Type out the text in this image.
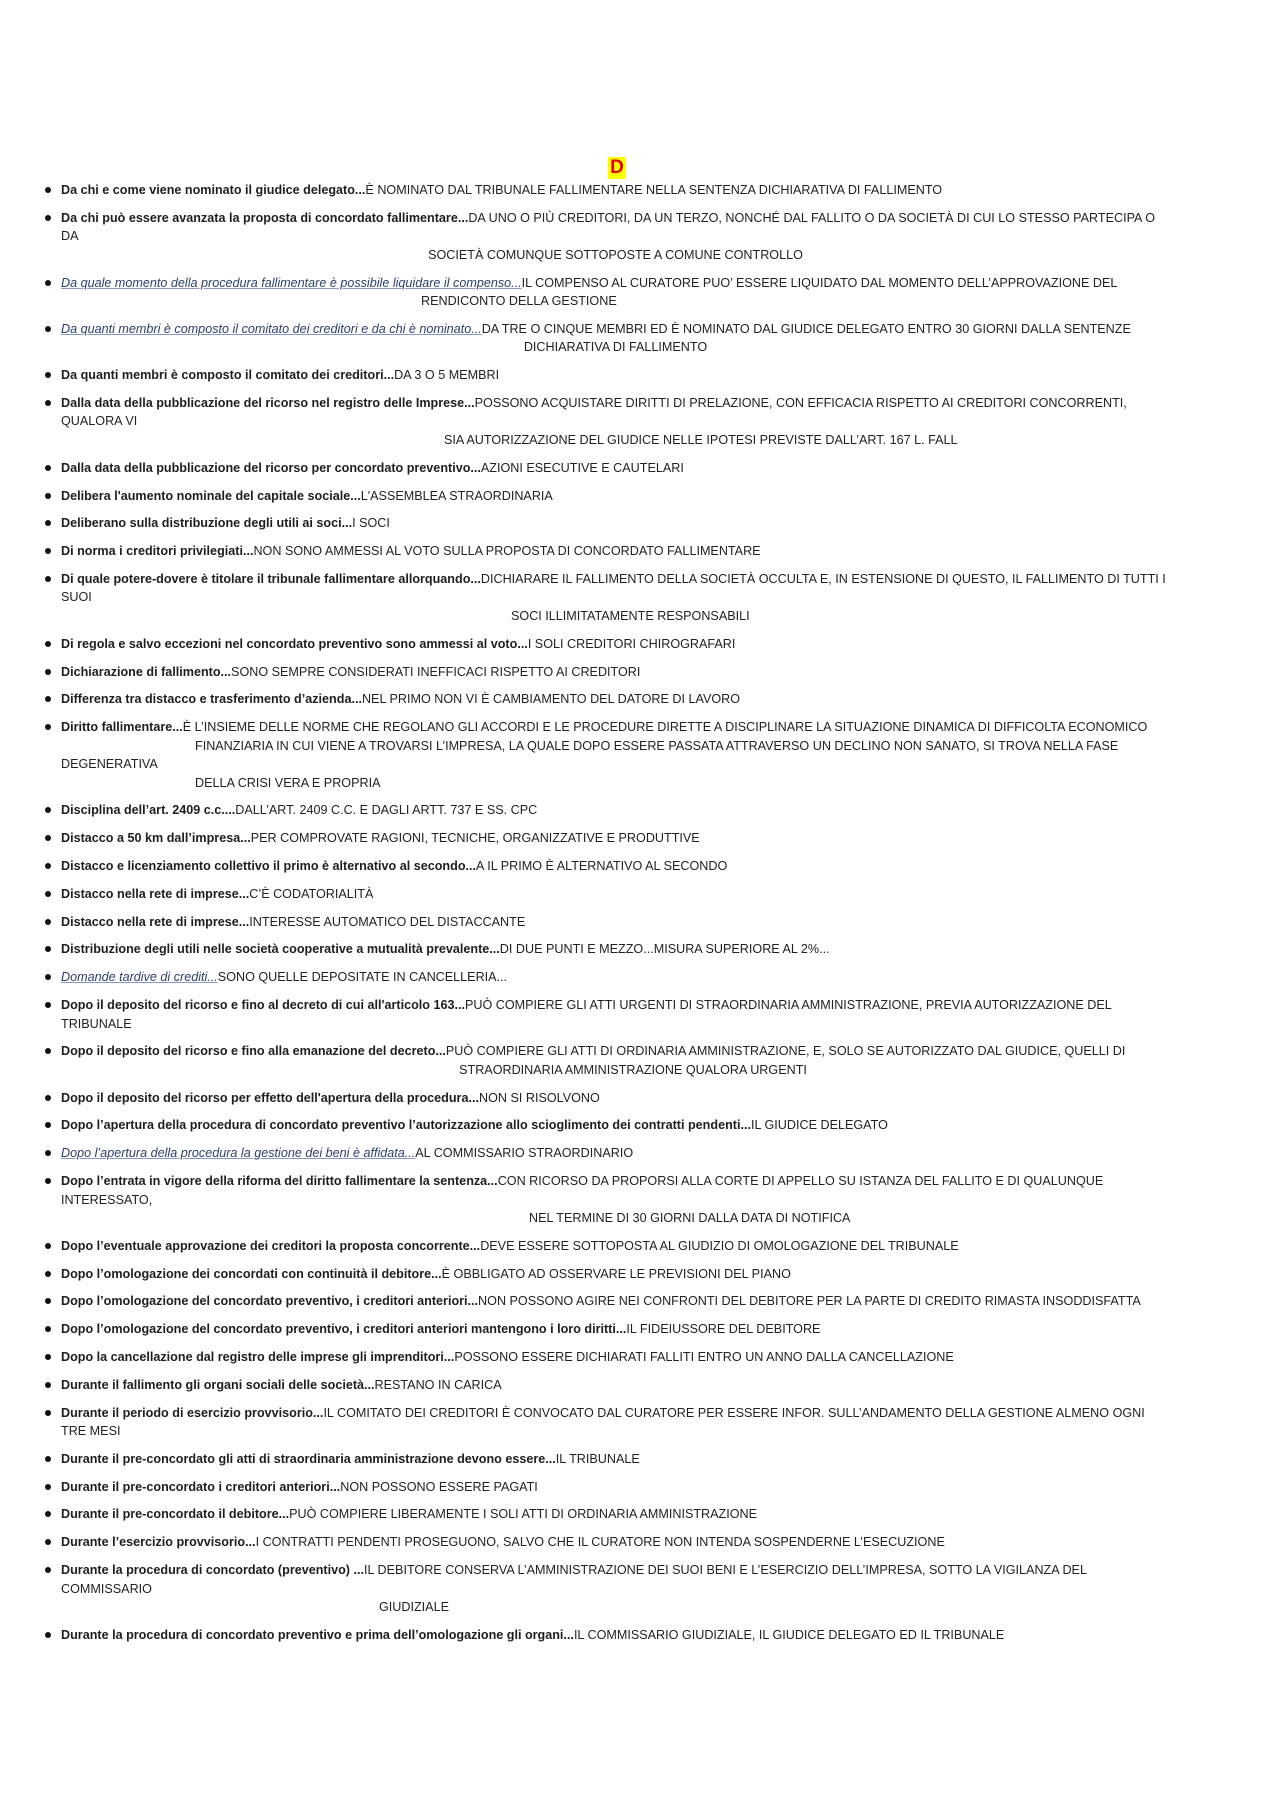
D
Da chi e come viene nominato il giudice delegato...È NOMINATO DAL TRIBUNALE FALLIMENTARE NELLA SENTENZA DICHIARATIVA DI FALLIMENTO
Da chi può essere avanzata la proposta di concordato fallimentare...DA UNO O PIÙ CREDITORI, DA UN TERZO, NONCHÉ DAL FALLITO O DA SOCIETÀ DI CUI LO STESSO PARTECIPA O DA
SOCIETÀ COMUNQUE SOTTOPOSTE A COMUNE CONTROLLO
Da quale momento della procedura fallimentare è possibile liquidare il compenso...IL COMPENSO AL CURATORE PUO’ ESSERE LIQUIDATO DAL MOMENTO DELL’APPROVAZIONE DEL
RENDICONTO DELLA GESTIONE
Da quanti membri è composto il comitato dei creditori e da chi è nominato...DA TRE O CINQUE MEMBRI ED È NOMINATO DAL GIUDICE DELEGATO ENTRO 30 GIORNI DALLA SENTENZE
DICHIARATIVA DI FALLIMENTO
Da quanti membri è composto il comitato dei creditori...DA 3 O 5 MEMBRI
Dalla data della pubblicazione del ricorso nel registro delle Imprese...POSSONO ACQUISTARE DIRITTI DI PRELAZIONE, CON EFFICACIA RISPETTO AI CREDITORI CONCORRENTI, QUALORA VI
SIA AUTORIZZAZIONE DEL GIUDICE NELLE IPOTESI PREVISTE DALL’ART. 167 L. FALL
Dalla data della pubblicazione del ricorso per concordato preventivo...AZIONI ESECUTIVE E CAUTELARI
Delibera l'aumento nominale del capitale sociale...L'ASSEMBLEA STRAORDINARIA
Deliberano sulla distribuzione degli utili ai soci...I SOCI
Di norma i creditori privilegiati...NON SONO AMMESSI AL VOTO SULLA PROPOSTA DI CONCORDATO FALLIMENTARE
Di quale potere-dovere è titolare il tribunale fallimentare allorquando...DICHIARARE IL FALLIMENTO DELLA SOCIETÀ OCCULTA E, IN ESTENSIONE DI QUESTO, IL FALLIMENTO DI TUTTI I SUOI
SOCI ILLIMITATAMENTE RESPONSABILI
Di regola e salvo eccezioni nel concordato preventivo sono ammessi al voto...I SOLI CREDITORI CHIROGRAFARI
Dichiarazione di fallimento...SONO SEMPRE CONSIDERATI INEFFICACI RISPETTO AI CREDITORI
Differenza tra distacco e trasferimento d’azienda...NEL PRIMO NON VI È CAMBIAMENTO DEL DATORE DI LAVORO
Diritto fallimentare...È L’INSIEME DELLE NORME CHE REGOLANO GLI ACCORDI E LE PROCEDURE DIRETTE A DISCIPLINARE LA SITUAZIONE DINAMICA DI DIFFICOLTA ECONOMICO
FINANZIARIA IN CUI VIENE A TROVARSI L’IMPRESA, LA QUALE DOPO ESSERE PASSATA ATTRAVERSO UN DECLINO NON SANATO, SI TROVA NELLA FASE
DEGENERATIVA
DELLA CRISI VERA E PROPRIA
Disciplina dell’art. 2409 c.c....DALL’ART. 2409 C.C. E DAGLI ARTT. 737 E SS. CPC
Distacco a 50 km dall’impresa...PER COMPROVATE RAGIONI, TECNICHE, ORGANIZZATIVE E PRODUTTIVE
Distacco e licenziamento collettivo il primo è alternativo al secondo...A IL PRIMO È ALTERNATIVO AL SECONDO
Distacco nella rete di imprese...C’È CODATORIALITÀ
Distacco nella rete di imprese...INTERESSE AUTOMATICO DEL DISTACCANTE
Distribuzione degli utili nelle società cooperative a mutualità prevalente...DI DUE PUNTI E MEZZO...MISURA SUPERIORE AL 2%...
Domande tardive di crediti...SONO QUELLE DEPOSITATE IN CANCELLERIA...
Dopo il deposito del ricorso e fino al decreto di cui all'articolo 163...PUÒ COMPIERE GLI ATTI URGENTI DI STRAORDINARIA AMMINISTRAZIONE, PREVIA AUTORIZZAZIONE DEL TRIBUNALE
Dopo il deposito del ricorso e fino alla emanazione del decreto...PUÒ COMPIERE GLI ATTI DI ORDINARIA AMMINISTRAZIONE, E, SOLO SE AUTORIZZATO DAL GIUDICE, QUELLI DI
STRAORDINARIA AMMINISTRAZIONE QUALORA URGENTI
Dopo il deposito del ricorso per effetto dell'apertura della procedura...NON SI RISOLVONO
Dopo l’apertura della procedura di concordato preventivo l’autorizzazione allo scioglimento dei contratti pendenti...IL GIUDICE DELEGATO
Dopo l’apertura della procedura la gestione dei beni è affidata...AL COMMISSARIO STRAORDINARIO
Dopo l’entrata in vigore della riforma del diritto fallimentare la sentenza...CON RICORSO DA PROPORSI ALLA CORTE DI APPELLO SU ISTANZA DEL FALLITO E DI QUALUNQUE INTERESSATO,
NEL TERMINE DI 30 GIORNI DALLA DATA DI NOTIFICA
Dopo l’eventuale approvazione dei creditori la proposta concorrente...DEVE ESSERE SOTTOPOSTA AL GIUDIZIO DI OMOLOGAZIONE DEL TRIBUNALE
Dopo l’omologazione dei concordati con continuità il debitore...È OBBLIGATO AD OSSERVARE LE PREVISIONI DEL PIANO
Dopo l’omologazione del concordato preventivo, i creditori anteriori...NON POSSONO AGIRE NEI CONFRONTI DEL DEBITORE PER LA PARTE DI CREDITO RIMASTA INSODDISFATTA
Dopo l’omologazione del concordato preventivo, i creditori anteriori mantengono i loro diritti...IL FIDEIUSSORE DEL DEBITORE
Dopo la cancellazione dal registro delle imprese gli imprenditori...POSSONO ESSERE DICHIARATI FALLITI ENTRO UN ANNO DALLA CANCELLAZIONE
Durante il fallimento gli organi sociali delle società...RESTANO IN CARICA
Durante il periodo di esercizio provvisorio...IL COMITATO DEI CREDITORI È CONVOCATO DAL CURATORE PER ESSERE INFOR. SULL’ANDAMENTO DELLA GESTIONE ALMENO OGNI TRE MESI
Durante il pre-concordato gli atti di straordinaria amministrazione devono essere...IL TRIBUNALE
Durante il pre-concordato i creditori anteriori...NON POSSONO ESSERE PAGATI
Durante il pre-concordato il debitore...PUÒ COMPIERE LIBERAMENTE I SOLI ATTI DI ORDINARIA AMMINISTRAZIONE
Durante l’esercizio provvisorio...I CONTRATTI PENDENTI PROSEGUONO, SALVO CHE IL CURATORE NON INTENDA SOSPENDERNE L’ESECUZIONE
Durante la procedura di concordato (preventivo) ...IL DEBITORE CONSERVA L’AMMINISTRAZIONE DEI SUOI BENI E L’ESERCIZIO DELL’IMPRESA, SOTTO LA VIGILANZA DEL COMMISSARIO
GIUDIZIALE
Durante la procedura di concordato preventivo e prima dell’omologazione gli organi...IL COMMISSARIO GIUDIZIALE, IL GIUDICE DELEGATO ED IL TRIBUNALE
